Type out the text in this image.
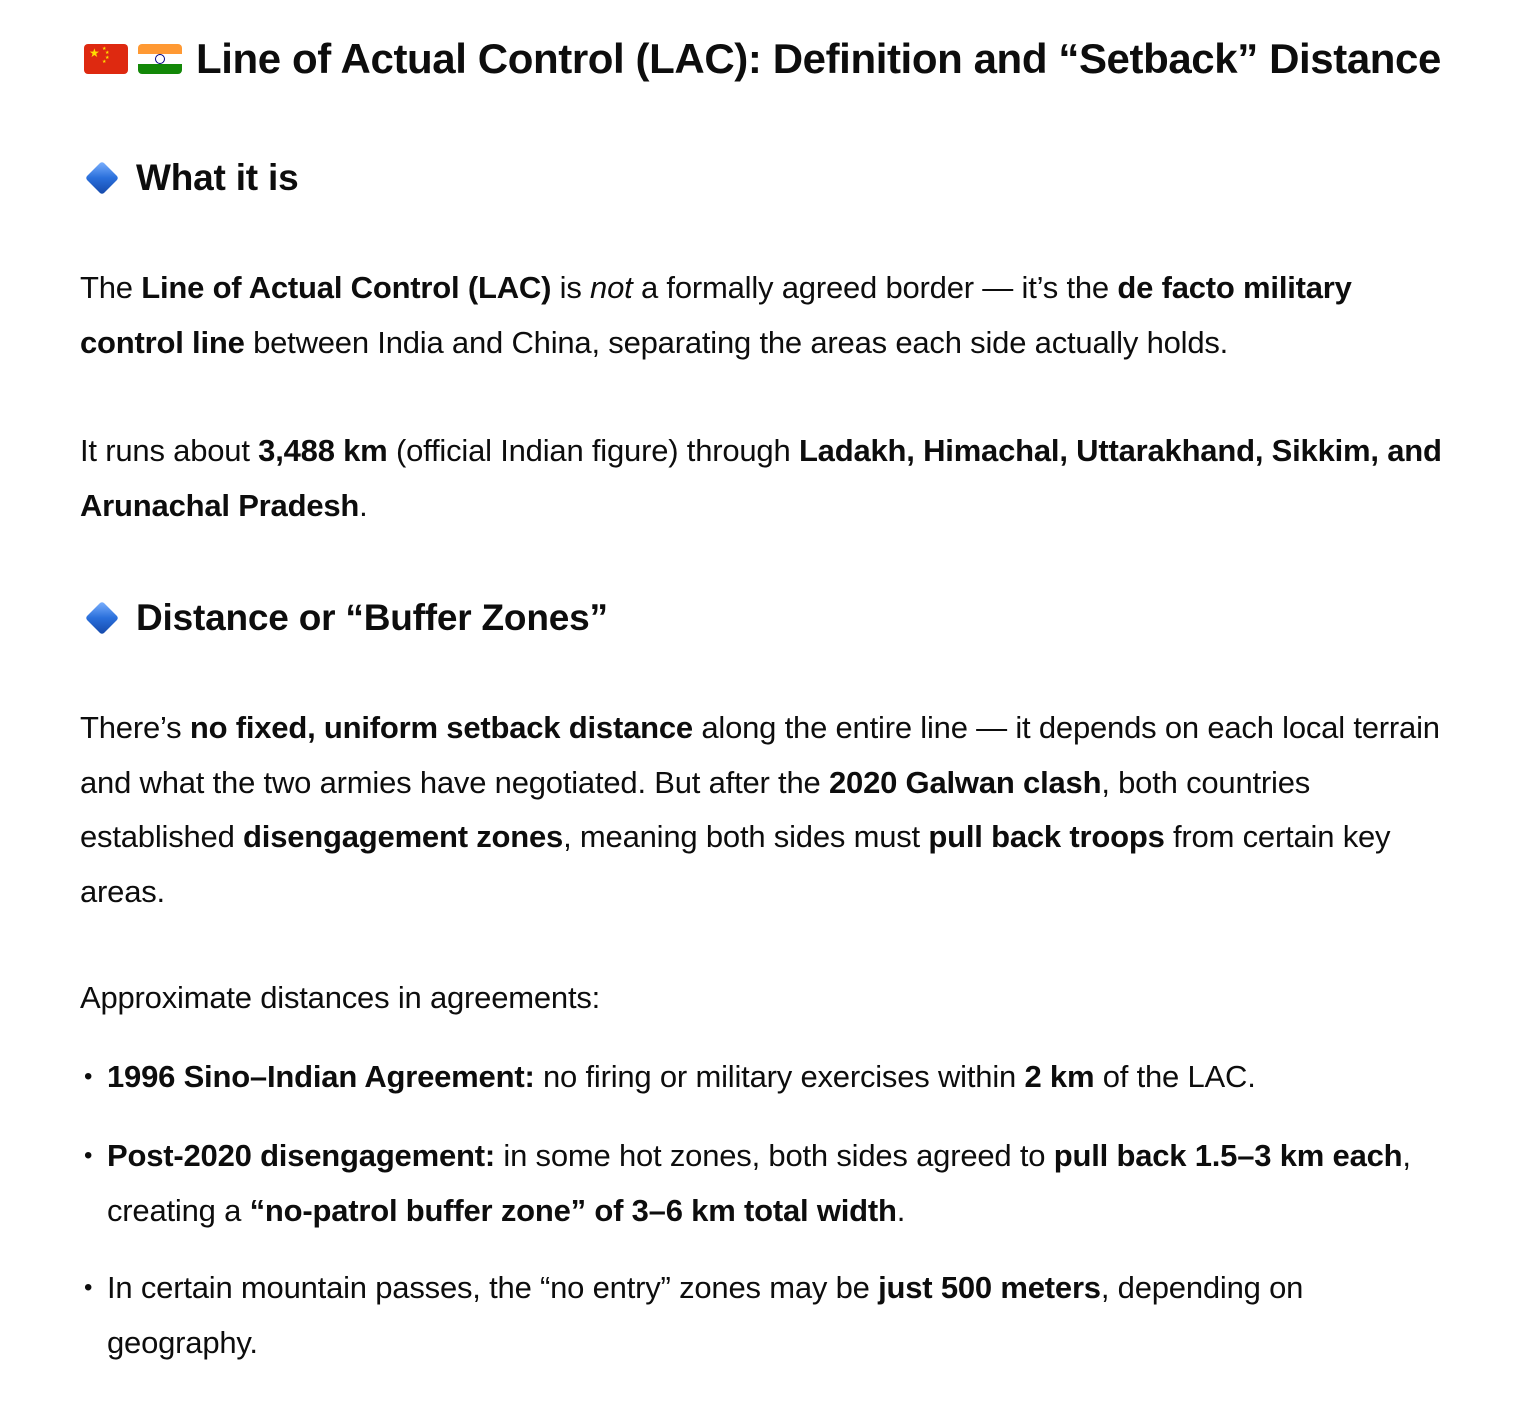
★ ★
★
★
★ Line of Actual Control (LAC): Definition and “Setback” Distance
What it is

The Line of Actual Control (LAC) is not a formally agreed border — it’s the de facto military control line between India and China, separating the areas each side actually holds.

It runs about 3,488 km (official Indian figure) through Ladakh, Himachal, Uttarakhand, Sikkim, and Arunachal Pradesh.

Distance or “Buffer Zones”

There’s no fixed, uniform setback distance along the entire line — it depends on each local terrain and what the two armies have negotiated. But after the 2020 Galwan clash, both countries established disengagement zones, meaning both sides must pull back troops from certain key areas.

Approximate distances in agreements:

• 1996 Sino–Indian Agreement: no firing or military exercises within 2 km of the LAC.
• Post-2020 disengagement: in some hot zones, both sides agreed to pull back 1.5–3 km each, creating a “no-patrol buffer zone” of 3–6 km total width.
• In certain mountain passes, the “no entry” zones may be just 500 meters, depending on geography.
